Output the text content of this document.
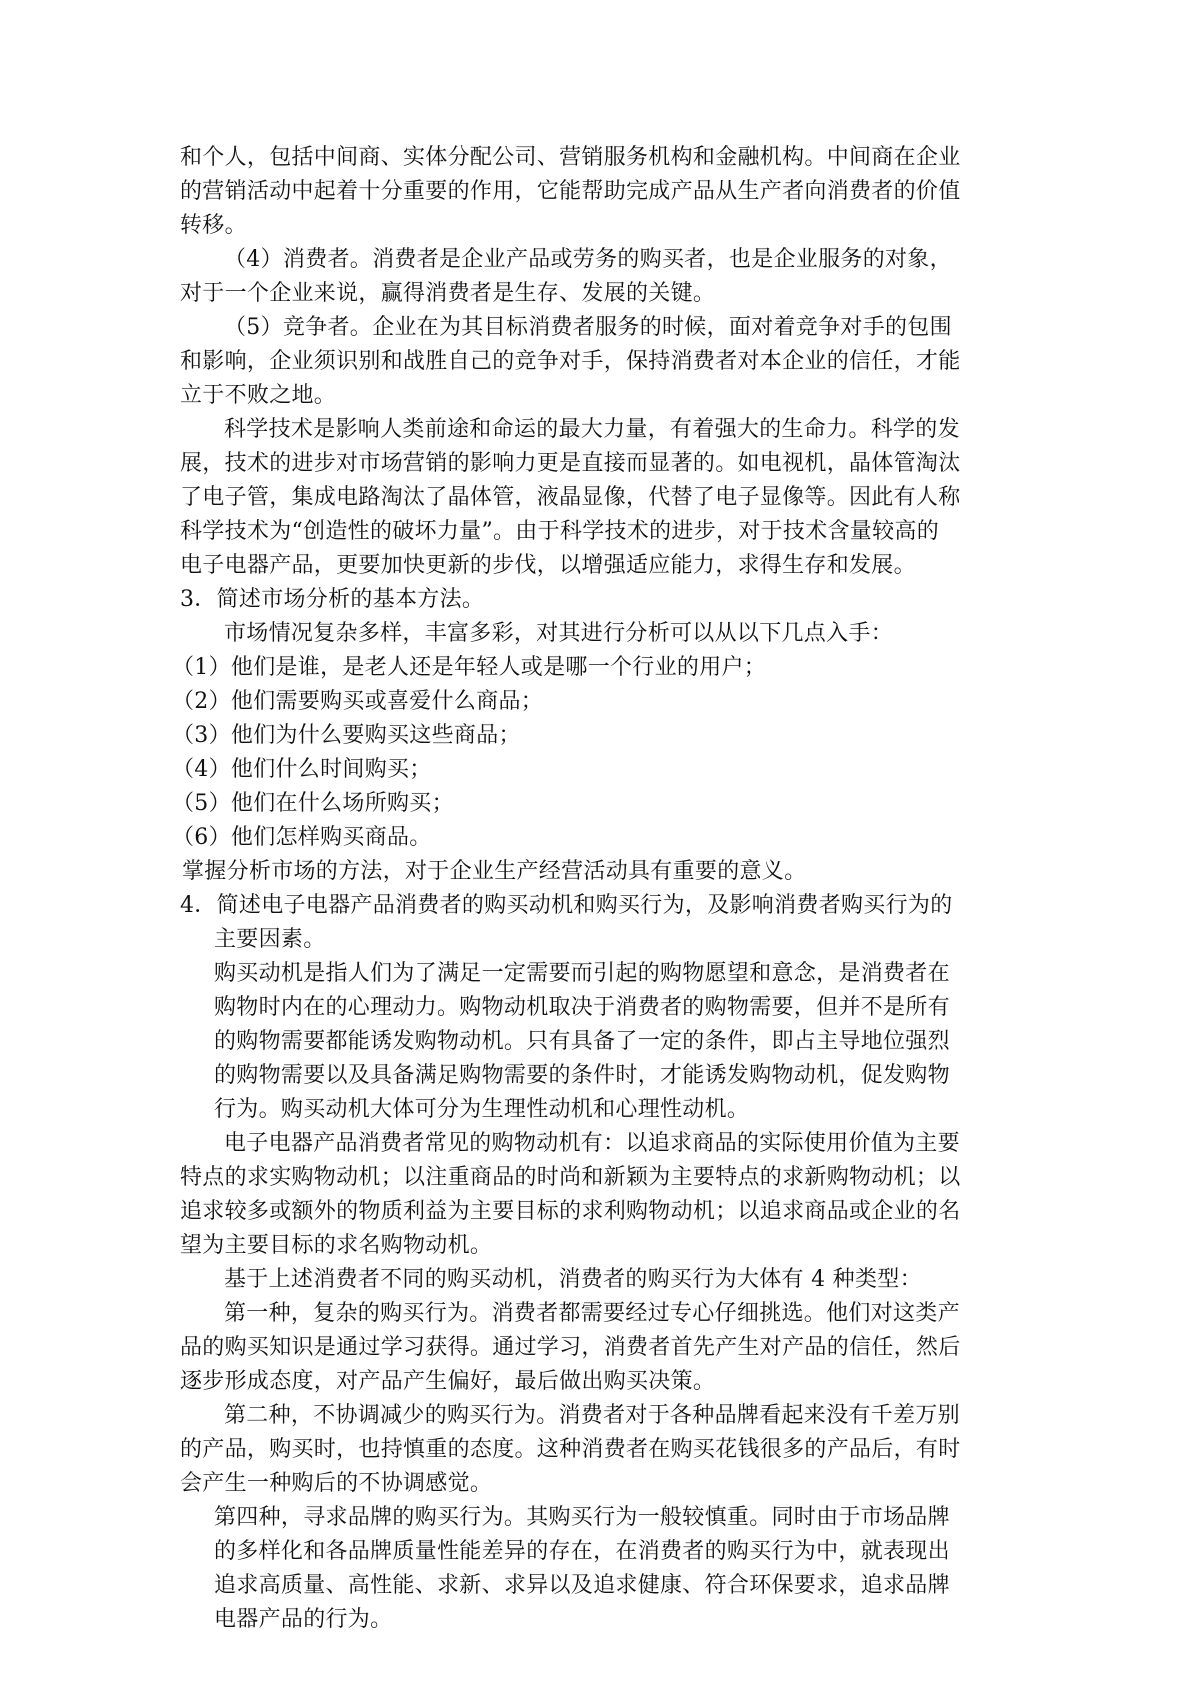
和个人，包括中间商、实体分配公司、营销服务机构和金融机构。中间商在企业
的营销活动中起着十分重要的作用，它能帮助完成产品从生产者向消费者的价值
转移。
（4）消费者。消费者是企业产品或劳务的购买者，也是企业服务的对象，
对于一个企业来说，赢得消费者是生存、发展的关键。
（5）竞争者。企业在为其目标消费者服务的时候，面对着竞争对手的包围
和影响，企业须识别和战胜自己的竞争对手，保持消费者对本企业的信任，才能
立于不败之地。
科学技术是影响人类前途和命运的最大力量，有着强大的生命力。科学的发
展，技术的进步对市场营销的影响力更是直接而显著的。如电视机，晶体管淘汰
了电子管，集成电路淘汰了晶体管，液晶显像，代替了电子显像等。因此有人称
科学技术为“创造性的破坏力量”。由于科学技术的进步，对于技术含量较高的
电子电器产品，更要加快更新的步伐，以增强适应能力，求得生存和发展。
3．简述市场分析的基本方法。
市场情况复杂多样，丰富多彩，对其进行分析可以从以下几点入手：
（1）他们是谁，是老人还是年轻人或是哪一个行业的用户；
（2）他们需要购买或喜爱什么商品；
（3）他们为什么要购买这些商品；
（4）他们什么时间购买；
（5）他们在什么场所购买；
（6）他们怎样购买商品。
掌握分析市场的方法，对于企业生产经营活动具有重要的意义。
4．简述电子电器产品消费者的购买动机和购买行为，及影响消费者购买行为的
主要因素。
购买动机是指人们为了满足一定需要而引起的购物愿望和意念，是消费者在
购物时内在的心理动力。购物动机取决于消费者的购物需要，但并不是所有
的购物需要都能诱发购物动机。只有具备了一定的条件，即占主导地位强烈
的购物需要以及具备满足购物需要的条件时，才能诱发购物动机，促发购物
行为。购买动机大体可分为生理性动机和心理性动机。
电子电器产品消费者常见的购物动机有：以追求商品的实际使用价值为主要
特点的求实购物动机；以注重商品的时尚和新颖为主要特点的求新购物动机；以
追求较多或额外的物质利益为主要目标的求利购物动机；以追求商品或企业的名
望为主要目标的求名购物动机。
基于上述消费者不同的购买动机，消费者的购买行为大体有 4 种类型：
第一种，复杂的购买行为。消费者都需要经过专心仔细挑选。他们对这类产
品的购买知识是通过学习获得。通过学习，消费者首先产生对产品的信任，然后
逐步形成态度，对产品产生偏好，最后做出购买决策。
第二种，不协调减少的购买行为。消费者对于各种品牌看起来没有千差万别
的产品，购买时，也持慎重的态度。这种消费者在购买花钱很多的产品后，有时
会产生一种购后的不协调感觉。
第四种，寻求品牌的购买行为。其购买行为一般较慎重。同时由于市场品牌
的多样化和各品牌质量性能差异的存在，在消费者的购买行为中，就表现出
追求高质量、高性能、求新、求异以及追求健康、符合环保要求，追求品牌
电器产品的行为。
